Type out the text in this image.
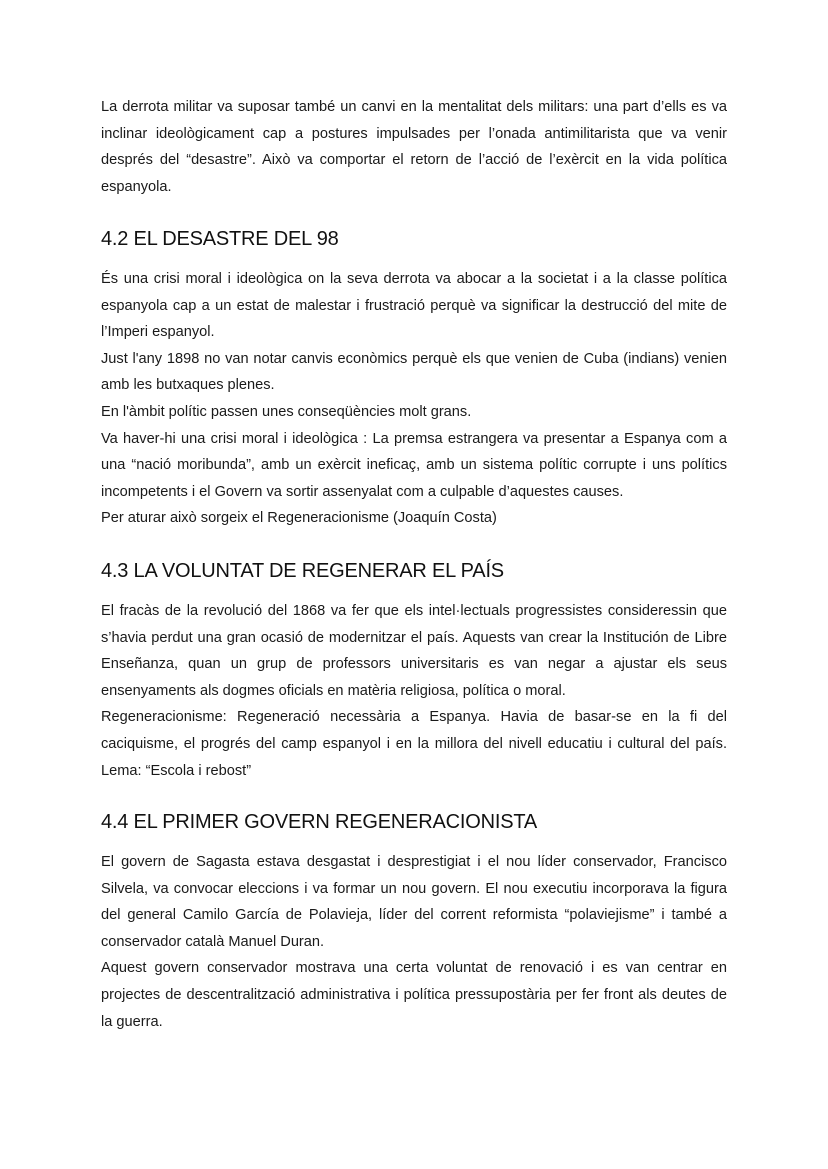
La derrota militar va suposar també un canvi en la mentalitat dels militars: una part d’ells es va inclinar ideològicament cap a postures impulsades per l’onada antimilitarista que va venir després del “desastre”. Això va comportar el retorn de l’acció de l’exèrcit en la vida política espanyola.

4.2 EL DESASTRE DEL 98

És una crisi moral i ideològica on la seva derrota va abocar a la societat i a la classe política espanyola cap a un estat de malestar i frustració perquè va significar la destrucció del mite de l’Imperi espanyol.

Just l'any 1898 no van notar canvis econòmics perquè els que venien de Cuba (indians) venien amb les butxaques plenes.

En l'àmbit polític passen unes conseqüències molt grans.

Va haver-hi una crisi moral i ideològica : La premsa estrangera va presentar a Espanya com a una “nació moribunda”, amb un exèrcit ineficaç, amb un sistema polític corrupte i uns polítics incompetents i el Govern va sortir assenyalat com a culpable d’aquestes causes.

Per aturar això sorgeix el Regeneracionisme (Joaquín Costa)

4.3 LA VOLUNTAT DE REGENERAR EL PAÍS

El fracàs de la revolució del 1868 va fer que els intel·lectuals progressistes consideressin que s’havia perdut una gran ocasió de modernitzar el país. Aquests van crear la Institución de Libre Enseñanza, quan un grup de professors universitaris es van negar a ajustar els seus ensenyaments als dogmes oficials en matèria religiosa, política o moral.

Regeneracionisme: Regeneració necessària a Espanya. Havia de basar-se en la fi del caciquisme, el progrés del camp espanyol i en la millora del nivell educatiu i cultural del país. Lema: “Escola i rebost”

4.4 EL PRIMER GOVERN REGENERACIONISTA

El govern de Sagasta estava desgastat i desprestigiat i el nou líder conservador, Francisco Silvela, va convocar eleccions i va formar un nou govern. El nou executiu incorporava la figura del general Camilo García de Polavieja, líder del corrent reformista “polaviejisme” i també a conservador català Manuel Duran.

Aquest govern conservador mostrava una certa voluntat de renovació i es van centrar en projectes de descentralització administrativa i política pressupostària per fer front als deutes de la guerra.
